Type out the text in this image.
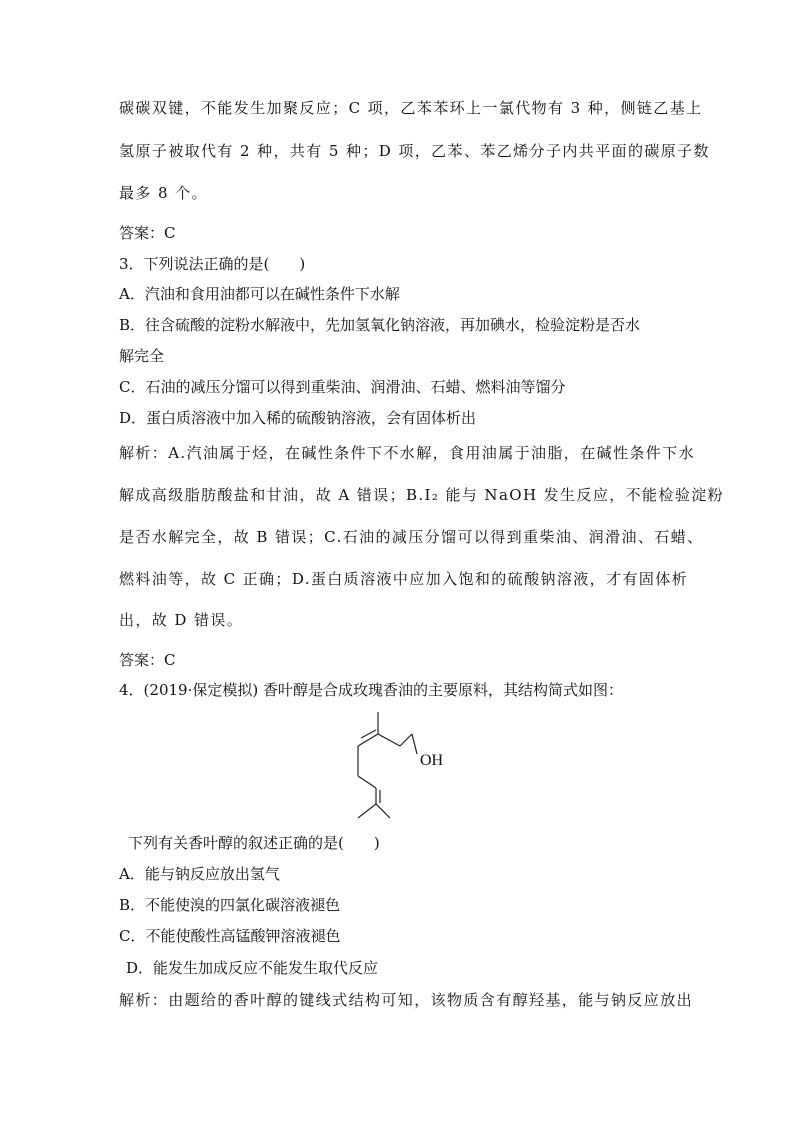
碳碳双键，不能发生加聚反应；C 项，乙苯苯环上一氯代物有 3 种，侧链乙基上
氢原子被取代有 2 种，共有 5 种；D 项，乙苯、苯乙烯分子内共平面的碳原子数
最多 8 个。
答案：C
3．下列说法正确的是(　　)
A．汽油和食用油都可以在碱性条件下水解
B．往含硫酸的淀粉水解液中，先加氢氧化钠溶液，再加碘水，检验淀粉是否水
解完全
C．石油的减压分馏可以得到重柴油、润滑油、石蜡、燃料油等馏分
D．蛋白质溶液中加入稀的硫酸钠溶液，会有固体析出
解析：A.汽油属于烃，在碱性条件下不水解，食用油属于油脂，在碱性条件下水
解成高级脂肪酸盐和甘油，故 A 错误；B.I₂ 能与 NaOH 发生反应，不能检验淀粉
是否水解完全，故 B 错误；C.石油的减压分馏可以得到重柴油、润滑油、石蜡、
燃料油等，故 C 正确；D.蛋白质溶液中应加入饱和的硫酸钠溶液，才有固体析
出，故 D 错误。
答案：C
4．(2019·保定模拟) 香叶醇是合成玫瑰香油的主要原料，其结构简式如图：
OH
下列有关香叶醇的叙述正确的是(　　)
A．能与钠反应放出氢气
B．不能使溴的四氯化碳溶液褪色
C．不能使酸性高锰酸钾溶液褪色
D．能发生加成反应不能发生取代反应
解析：由题给的香叶醇的键线式结构可知，该物质含有醇羟基，能与钠反应放出
